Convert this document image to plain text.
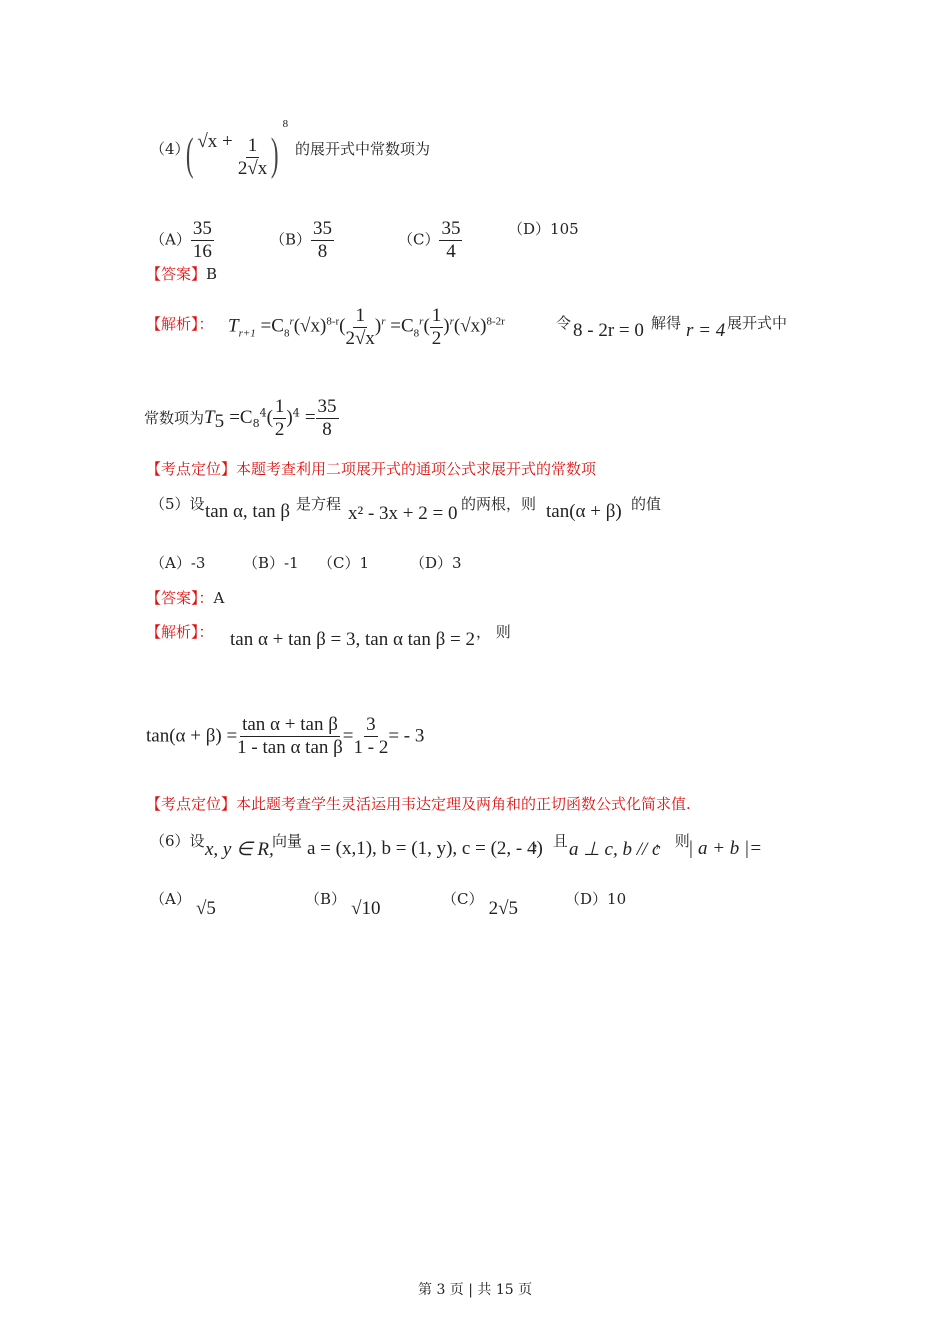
（4）
( $√x + \frac{1}{2√x} )^8$
的展开式中常数项为
$(A) \frac{35}{16}$	$(B) \frac{35}{8}$	$(C) \frac{35}{4}$	（D）105
【答案】B
【解析】： $T_{r+1} =C_8^r(√x)^{8-r}( \frac{1}{2√x} )^r =C_8^r( \frac{1}{2} )^r(√x)^{8-2r}$	令 8 - 2r = 0 解得 r = 4 展开式中
常数项为$T_5 =C_8^4( \frac{1}{2} )^4 = \frac{35}{8}$
【考点定位】本题考查利用二项展开式的通项公式求展开式的常数项
（5）设 tan α, tan β 是方程 x² - 3x + 2 = 0 的两根，则 tan(α + β) 的值
（A）-3	（B）-1 （C）1	（D）3
【答案】：A
【解析】： tan α + tan β = 3, tan α tan β = 2 ， 则
$\tan(\alpha + \beta) = \frac{\text{tan α + tan β}}{\text{1 - tan α tan β}} = \frac{3}{1 - 2}$ = - 3
【考点定位】本此题考查学生灵活运用韦达定理及两角和的正切函数公式化简求值.
（6）设 x, y ∈ R,
向量 a = (x,1), b = (1, y), c = (2, - 4)
， 且 a ⊥ c, b // c
， 则
| a + b |=
（A） √5	（B） √10	（C） 2√5	（D）10
第 3 页 | 共 15 页
